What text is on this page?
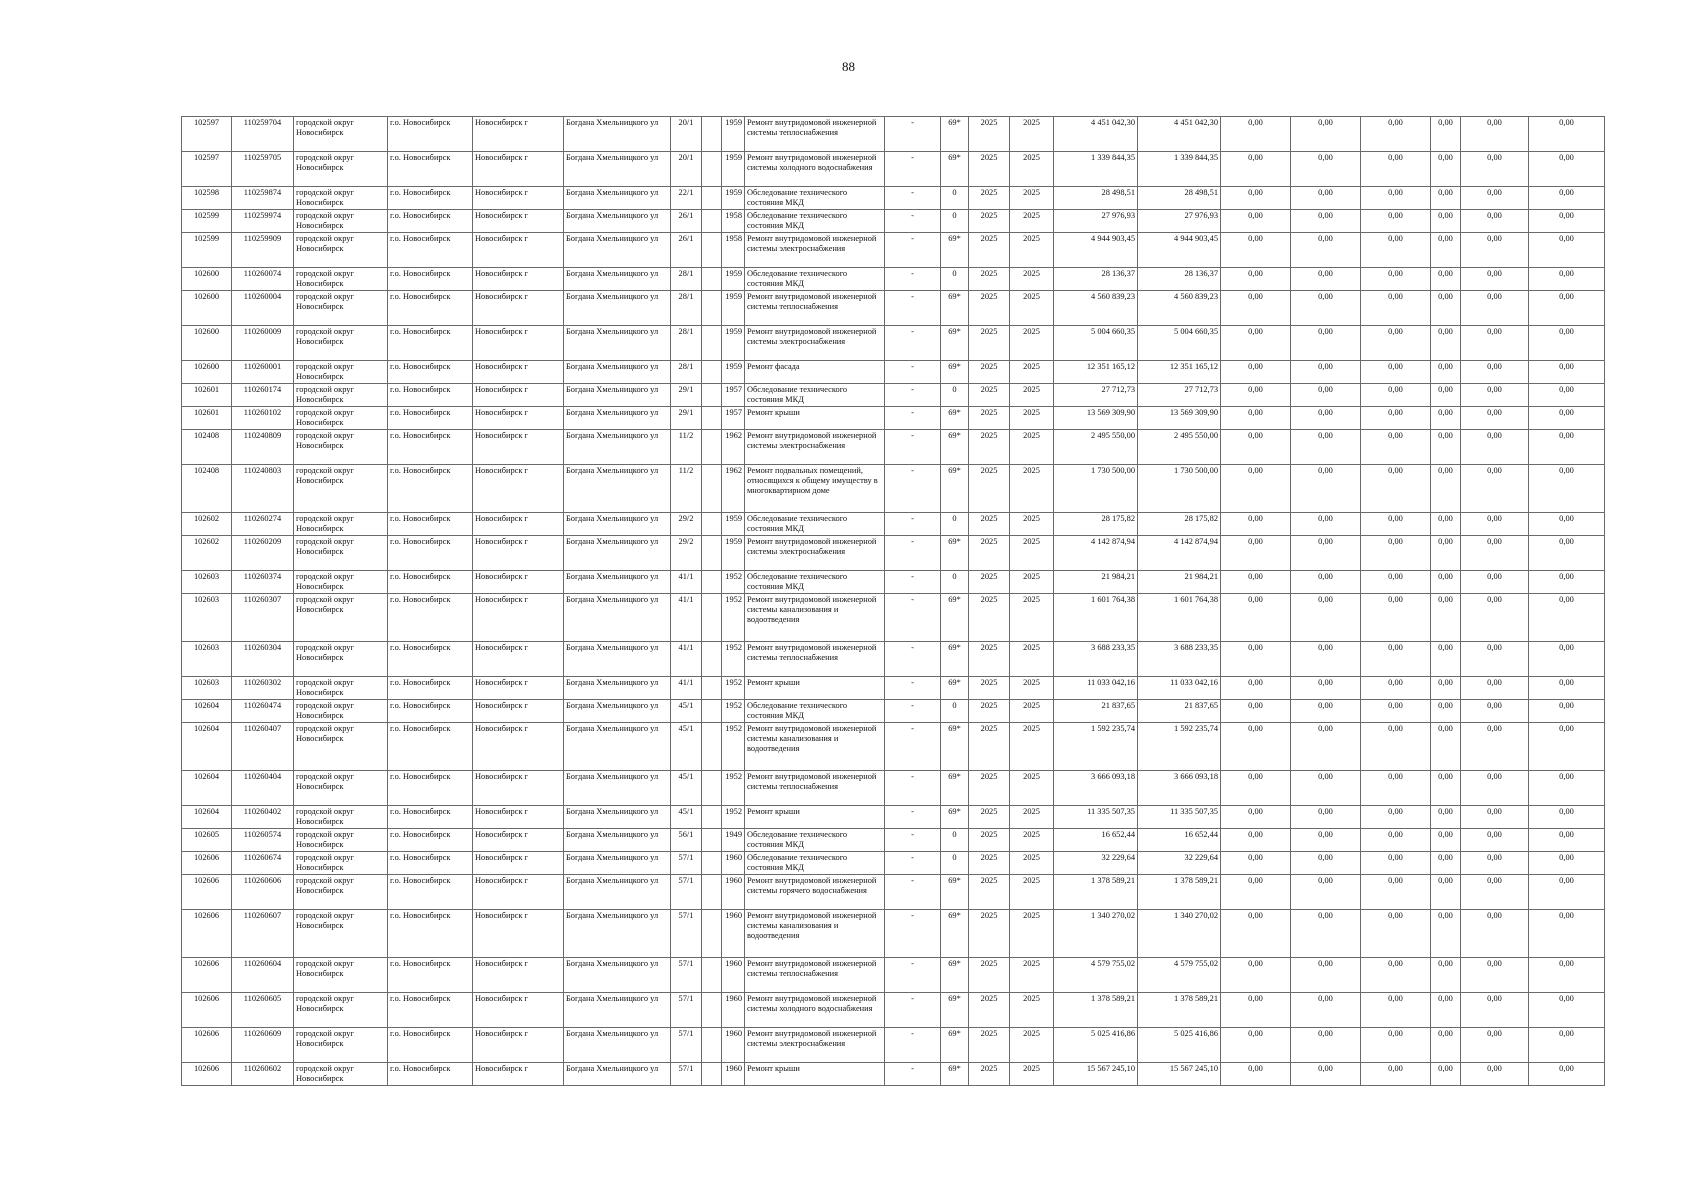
88
102597	110259704	городской округ Новосибирск	г.о. Новосибирск	Новосибирск г	Богдана Хмельницкого ул	20/1		1959	Ремонт внутридомовой инженерной системы теплоснабжения	-	69*	2025	2025	4 451 042,30	4 451 042,30	0,00	0,00	0,00	0,00	0,00	0,00
102597	110259705	городской округ Новосибирск	г.о. Новосибирск	Новосибирск г	Богдана Хмельницкого ул	20/1		1959	Ремонт внутридомовой инженерной системы холодного водоснабжения	-	69*	2025	2025	1 339 844,35	1 339 844,35	0,00	0,00	0,00	0,00	0,00	0,00
102598	110259874	городской округ Новосибирск	г.о. Новосибирск	Новосибирск г	Богдана Хмельницкого ул	22/1		1959	Обследование технического состояния МКД	-	0	2025	2025	28 498,51	28 498,51	0,00	0,00	0,00	0,00	0,00	0,00
102599	110259974	городской округ Новосибирск	г.о. Новосибирск	Новосибирск г	Богдана Хмельницкого ул	26/1		1958	Обследование технического состояния МКД	-	0	2025	2025	27 976,93	27 976,93	0,00	0,00	0,00	0,00	0,00	0,00
102599	110259909	городской округ Новосибирск	г.о. Новосибирск	Новосибирск г	Богдана Хмельницкого ул	26/1		1958	Ремонт внутридомовой инженерной системы электроснабжения	-	69*	2025	2025	4 944 903,45	4 944 903,45	0,00	0,00	0,00	0,00	0,00	0,00
102600	110260074	городской округ Новосибирск	г.о. Новосибирск	Новосибирск г	Богдана Хмельницкого ул	28/1		1959	Обследование технического состояния МКД	-	0	2025	2025	28 136,37	28 136,37	0,00	0,00	0,00	0,00	0,00	0,00
102600	110260004	городской округ Новосибирск	г.о. Новосибирск	Новосибирск г	Богдана Хмельницкого ул	28/1		1959	Ремонт внутридомовой инженерной системы теплоснабжения	-	69*	2025	2025	4 560 839,23	4 560 839,23	0,00	0,00	0,00	0,00	0,00	0,00
102600	110260009	городской округ Новосибирск	г.о. Новосибирск	Новосибирск г	Богдана Хмельницкого ул	28/1		1959	Ремонт внутридомовой инженерной системы электроснабжения	-	69*	2025	2025	5 004 660,35	5 004 660,35	0,00	0,00	0,00	0,00	0,00	0,00
102600	110260001	городской округ Новосибирск	г.о. Новосибирск	Новосибирск г	Богдана Хмельницкого ул	28/1		1959	Ремонт фасада	-	69*	2025	2025	12 351 165,12	12 351 165,12	0,00	0,00	0,00	0,00	0,00	0,00
102601	110260174	городской округ Новосибирск	г.о. Новосибирск	Новосибирск г	Богдана Хмельницкого ул	29/1		1957	Обследование технического состояния МКД	-	0	2025	2025	27 712,73	27 712,73	0,00	0,00	0,00	0,00	0,00	0,00
102601	110260102	городской округ Новосибирск	г.о. Новосибирск	Новосибирск г	Богдана Хмельницкого ул	29/1		1957	Ремонт крыши	-	69*	2025	2025	13 569 309,90	13 569 309,90	0,00	0,00	0,00	0,00	0,00	0,00
102408	110240809	городской округ Новосибирск	г.о. Новосибирск	Новосибирск г	Богдана Хмельницкого ул	11/2		1962	Ремонт внутридомовой инженерной системы электроснабжения	-	69*	2025	2025	2 495 550,00	2 495 550,00	0,00	0,00	0,00	0,00	0,00	0,00
102408	110240803	городской округ Новосибирск	г.о. Новосибирск	Новосибирск г	Богдана Хмельницкого ул	11/2		1962	Ремонт подвальных помещений, относящихся к общему имуществу в многоквартирном доме	-	69*	2025	2025	1 730 500,00	1 730 500,00	0,00	0,00	0,00	0,00	0,00	0,00
102602	110260274	городской округ Новосибирск	г.о. Новосибирск	Новосибирск г	Богдана Хмельницкого ул	29/2		1959	Обследование технического состояния МКД	-	0	2025	2025	28 175,82	28 175,82	0,00	0,00	0,00	0,00	0,00	0,00
102602	110260209	городской округ Новосибирск	г.о. Новосибирск	Новосибирск г	Богдана Хмельницкого ул	29/2		1959	Ремонт внутридомовой инженерной системы электроснабжения	-	69*	2025	2025	4 142 874,94	4 142 874,94	0,00	0,00	0,00	0,00	0,00	0,00
102603	110260374	городской округ Новосибирск	г.о. Новосибирск	Новосибирск г	Богдана Хмельницкого ул	41/1		1952	Обследование технического состояния МКД	-	0	2025	2025	21 984,21	21 984,21	0,00	0,00	0,00	0,00	0,00	0,00
102603	110260307	городской округ Новосибирск	г.о. Новосибирск	Новосибирск г	Богдана Хмельницкого ул	41/1		1952	Ремонт внутридомовой инженерной системы канализования и водоотведения	-	69*	2025	2025	1 601 764,38	1 601 764,38	0,00	0,00	0,00	0,00	0,00	0,00
102603	110260304	городской округ Новосибирск	г.о. Новосибирск	Новосибирск г	Богдана Хмельницкого ул	41/1		1952	Ремонт внутридомовой инженерной системы теплоснабжения	-	69*	2025	2025	3 688 233,35	3 688 233,35	0,00	0,00	0,00	0,00	0,00	0,00
102603	110260302	городской округ Новосибирск	г.о. Новосибирск	Новосибирск г	Богдана Хмельницкого ул	41/1		1952	Ремонт крыши	-	69*	2025	2025	11 033 042,16	11 033 042,16	0,00	0,00	0,00	0,00	0,00	0,00
102604	110260474	городской округ Новосибирск	г.о. Новосибирск	Новосибирск г	Богдана Хмельницкого ул	45/1		1952	Обследование технического состояния МКД	-	0	2025	2025	21 837,65	21 837,65	0,00	0,00	0,00	0,00	0,00	0,00
102604	110260407	городской округ Новосибирск	г.о. Новосибирск	Новосибирск г	Богдана Хмельницкого ул	45/1		1952	Ремонт внутридомовой инженерной системы канализования и водоотведения	-	69*	2025	2025	1 592 235,74	1 592 235,74	0,00	0,00	0,00	0,00	0,00	0,00
102604	110260404	городской округ Новосибирск	г.о. Новосибирск	Новосибирск г	Богдана Хмельницкого ул	45/1		1952	Ремонт внутридомовой инженерной системы теплоснабжения	-	69*	2025	2025	3 666 093,18	3 666 093,18	0,00	0,00	0,00	0,00	0,00	0,00
102604	110260402	городской округ Новосибирск	г.о. Новосибирск	Новосибирск г	Богдана Хмельницкого ул	45/1		1952	Ремонт крыши	-	69*	2025	2025	11 335 507,35	11 335 507,35	0,00	0,00	0,00	0,00	0,00	0,00
102605	110260574	городской округ Новосибирск	г.о. Новосибирск	Новосибирск г	Богдана Хмельницкого ул	56/1		1949	Обследование технического состояния МКД	-	0	2025	2025	16 652,44	16 652,44	0,00	0,00	0,00	0,00	0,00	0,00
102606	110260674	городской округ Новосибирск	г.о. Новосибирск	Новосибирск г	Богдана Хмельницкого ул	57/1		1960	Обследование технического состояния МКД	-	0	2025	2025	32 229,64	32 229,64	0,00	0,00	0,00	0,00	0,00	0,00
102606	110260606	городской округ Новосибирск	г.о. Новосибирск	Новосибирск г	Богдана Хмельницкого ул	57/1		1960	Ремонт внутридомовой инженерной системы горячего водоснабжения	-	69*	2025	2025	1 378 589,21	1 378 589,21	0,00	0,00	0,00	0,00	0,00	0,00
102606	110260607	городской округ Новосибирск	г.о. Новосибирск	Новосибирск г	Богдана Хмельницкого ул	57/1		1960	Ремонт внутридомовой инженерной системы канализования и водоотведения	-	69*	2025	2025	1 340 270,02	1 340 270,02	0,00	0,00	0,00	0,00	0,00	0,00
102606	110260604	городской округ Новосибирск	г.о. Новосибирск	Новосибирск г	Богдана Хмельницкого ул	57/1		1960	Ремонт внутридомовой инженерной системы теплоснабжения	-	69*	2025	2025	4 579 755,02	4 579 755,02	0,00	0,00	0,00	0,00	0,00	0,00
102606	110260605	городской округ Новосибирск	г.о. Новосибирск	Новосибирск г	Богдана Хмельницкого ул	57/1		1960	Ремонт внутридомовой инженерной системы холодного водоснабжения	-	69*	2025	2025	1 378 589,21	1 378 589,21	0,00	0,00	0,00	0,00	0,00	0,00
102606	110260609	городской округ Новосибирск	г.о. Новосибирск	Новосибирск г	Богдана Хмельницкого ул	57/1		1960	Ремонт внутридомовой инженерной системы электроснабжения	-	69*	2025	2025	5 025 416,86	5 025 416,86	0,00	0,00	0,00	0,00	0,00	0,00
102606	110260602	городской округ Новосибирск	г.о. Новосибирск	Новосибирск г	Богдана Хмельницкого ул	57/1		1960	Ремонт крыши	-	69*	2025	2025	15 567 245,10	15 567 245,10	0,00	0,00	0,00	0,00	0,00	0,00
